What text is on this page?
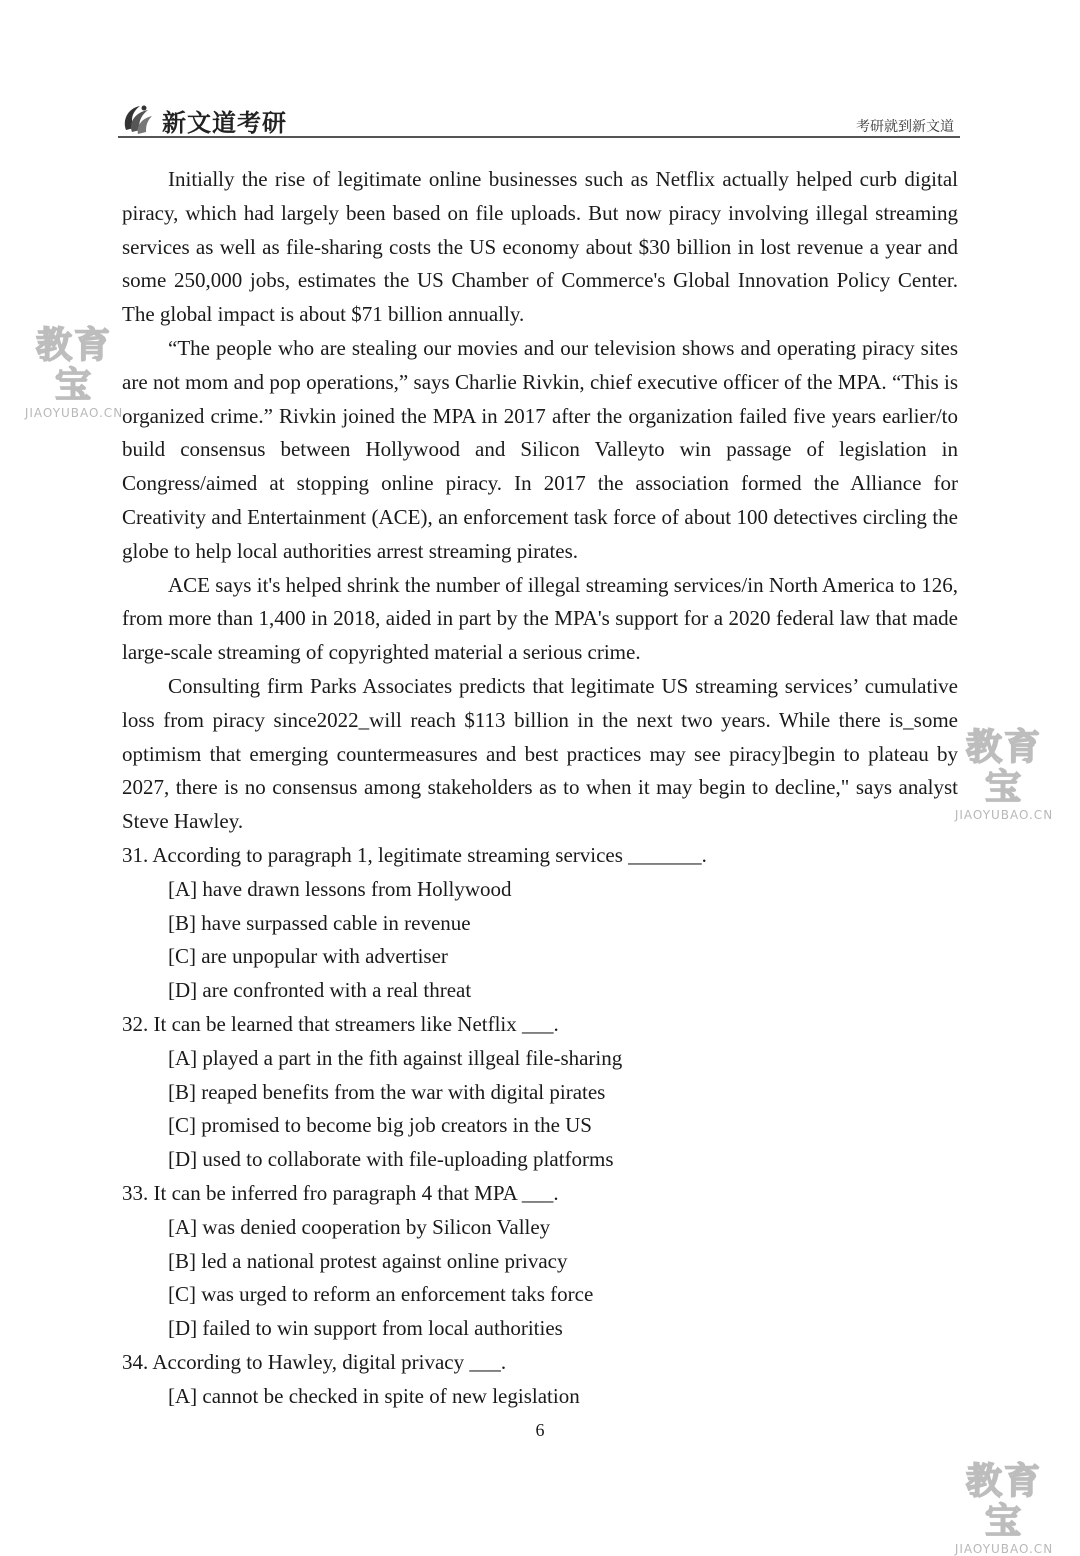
新文道考研	考研就到新文道

Initially the rise of legitimate online businesses such as Netflix actually helped curb digital piracy, which had largely been based on file uploads. But now piracy involving illegal streaming services as well as file-sharing costs the US economy about $30 billion in lost revenue a year and some 250,000 jobs, estimates the US Chamber of Commerce's Global Innovation Policy Center. The global impact is about $71 billion annually.

“The people who are stealing our movies and our television shows and operating piracy sites are not mom and pop operations,” says Charlie Rivkin, chief executive officer of the MPA. “This is organized crime.” Rivkin joined the MPA in 2017 after the organization failed five years earlier/to build consensus between Hollywood and Silicon Valleyto win passage of legislation in Congress/aimed at stopping online piracy. In 2017 the association formed the Alliance for Creativity and Entertainment (ACE), an enforcement task force of about 100 detectives circling the globe to help local authorities arrest streaming pirates.

ACE says it's helped shrink the number of illegal streaming services/in North America to 126, from more than 1,400 in 2018, aided in part by the MPA's support for a 2020 federal law that made large-scale streaming of copyrighted material a serious crime.

Consulting firm Parks Associates predicts that legitimate US streaming services’ cumulative loss from piracy since2022_will reach $113 billion in the next two years. While there is_some optimism that emerging countermeasures and best practices may see piracy]begin to plateau by 2027, there is no consensus among stakeholders as to when it may begin to decline," says analyst Steve Hawley.

31. According to paragraph 1, legitimate streaming services _______.

[A] have drawn lessons from Hollywood

[B] have surpassed cable in revenue

[C] are unpopular with advertiser

[D] are confronted with a real threat

32. It can be learned that streamers like Netflix ___.

[A] played a part in the fith against illgeal file-sharing

[B] reaped benefits from the war with digital pirates

[C] promised to become big job creators in the US

[D] used to collaborate with file-uploading platforms

33. It can be inferred fro paragraph 4 that MPA ___.

[A] was denied cooperation by Silicon Valley

[B] led a national protest against online privacy

[C] was urged to reform an enforcement taks force

[D] failed to win support from local authorities

34. According to Hawley, digital privacy ___.

[A] cannot be checked in spite of new legislation

6
教育宝
JIAOYUBAO.CN
教育宝
JIAOYUBAO.CN
教育宝
JIAOYUBAO.CN
